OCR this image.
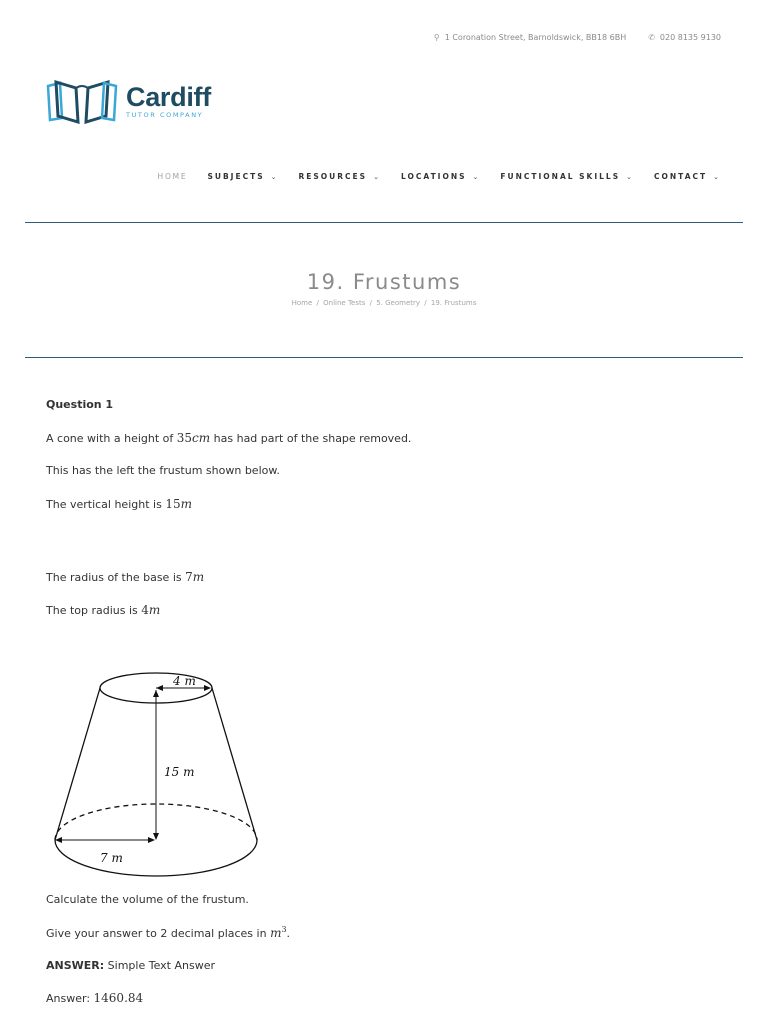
⚲ 1 Coronation Street, Barnoldswick, BB18 6BH	✆ 020 8135 9130
Cardiff
TUTOR COMPANY
HOME	SUBJECTS ⌄	RESOURCES ⌄	LOCATIONS ⌄	FUNCTIONAL SKILLS ⌄	CONTACT ⌄
19. Frustums
Home / Online Tests / 5. Geometry / 19. Frustums

Question 1

A cone with a height of 35cm has had part of the shape removed.

This has the left the frustum shown below.

The vertical height is 15m

The radius of the base is 7m

The top radius is 4m

Calculate the volume of the frustum.

Give your answer to 2 decimal places in $m^3$.

ANSWER: Simple Text Answer

Answer: 1460.84

4 m
15 m
7 m
